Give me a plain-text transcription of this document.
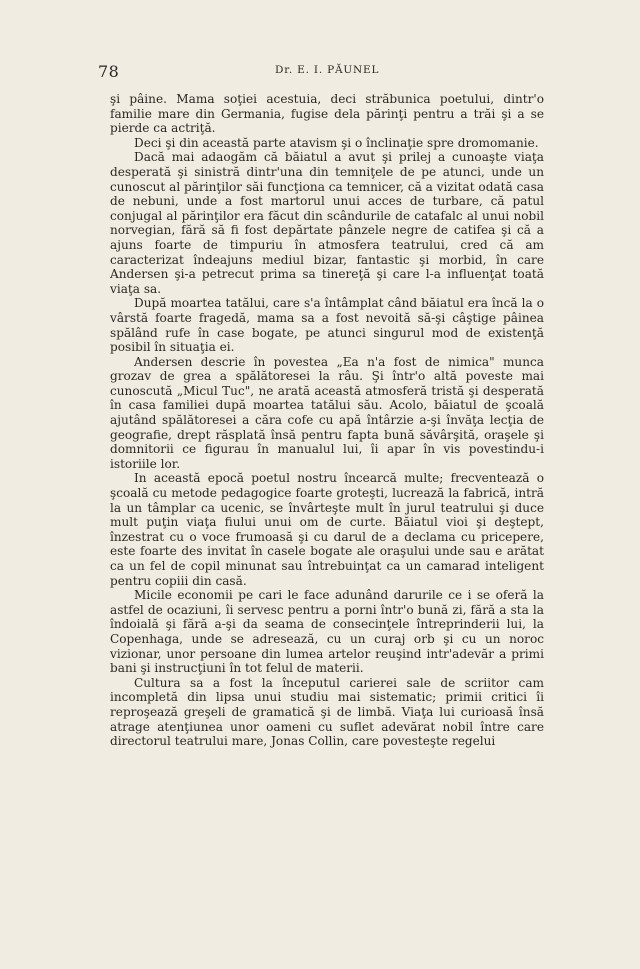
78	Dr. E. I. PĂUNEL

şi pâine. Mama soţiei acestuia, deci străbunica poetului, dintr'o familie mare din Germania, fugise dela părinţi pentru a trăi şi a se pierde ca actriţă.

Deci şi din această parte atavism şi o înclinaţie spre dromomanie.

Dacă mai adaogăm că băiatul a avut şi prilej a cunoaşte viaţa desperată şi sinistră dintr'una din temniţele de pe atunci, unde un cunoscut al părinţilor săi funcţiona ca temnicer, că a vizitat odată casa de nebuni, unde a fost martorul unui acces de turbare, că patul conjugal al părinţilor era făcut din scândurile de catafalc al unui nobil norvegian, fără să fi fost depărtate pânzele negre de catifea şi că a ajuns foarte de timpuriu în atmosfera teatrului, cred că am caracterizat îndeajuns mediul bizar, fantastic şi morbid, în care Andersen şi-a petrecut prima sa tinereţă şi care l-a influenţat toată viaţa sa.

După moartea tatălui, care s'a întâmplat când băiatul era încă la o vârstă foarte fragedă, mama sa a fost nevoită să-şi câştige pâinea spălând rufe în case bogate, pe atunci singurul mod de existenţă posibil în situaţia ei.

Andersen descrie în povestea „Ea n'a fost de nimica" munca grozav de grea a spălătoresei la râu. Şi într'o altă poveste mai cunoscută „Micul Tuc", ne arată această atmosferă tristă şi desperată în casa familiei după moartea tatălui său. Acolo, băiatul de şcoală ajutând spălătoresei a căra cofe cu apă întârzie a-şi învăţa lecţia de geografie, drept răsplată însă pentru fapta bună săvârşită, oraşele şi domnitorii ce figurau în manualul lui, îi apar în vis povestindu-i istoriile lor.

In această epocă poetul nostru încearcă multe; frecventează o şcoală cu metode pedagogice foarte groteşti, lucrează la fabrică, intră la un tâmplar ca ucenic, se învârteşte mult în jurul teatrului şi duce mult puţin viaţa fiului unui om de curte. Băiatul vioi şi deştept, înzestrat cu o voce frumoasă şi cu darul de a declama cu pricepere, este foarte des invitat în casele bogate ale oraşului unde sau e arătat ca un fel de copil minunat sau întrebuinţat ca un camarad inteligent pentru copiii din casă.

Micile economii pe cari le face adunând darurile ce i se oferă la astfel de ocaziuni, îi servesc pentru a porni într'o bună zi, fără a sta la îndoială şi fără a-şi da seama de consecinţele întreprinderii lui, la Copenhaga, unde se adresează, cu un curaj orb şi cu un noroc vizionar, unor persoane din lumea artelor reuşind intr'adevăr a primi bani şi instrucţiuni în tot felul de materii.

Cultura sa a fost la începutul carierei sale de scriitor cam incompletă din lipsa unui studiu mai sistematic; primii critici îi reproşează greşeli de gramatică şi de limbă. Viaţa lui curioasă însă atrage atenţiunea unor oameni cu suflet adevărat nobil între care directorul teatrului mare, Jonas Collin, care povesteşte regelui
